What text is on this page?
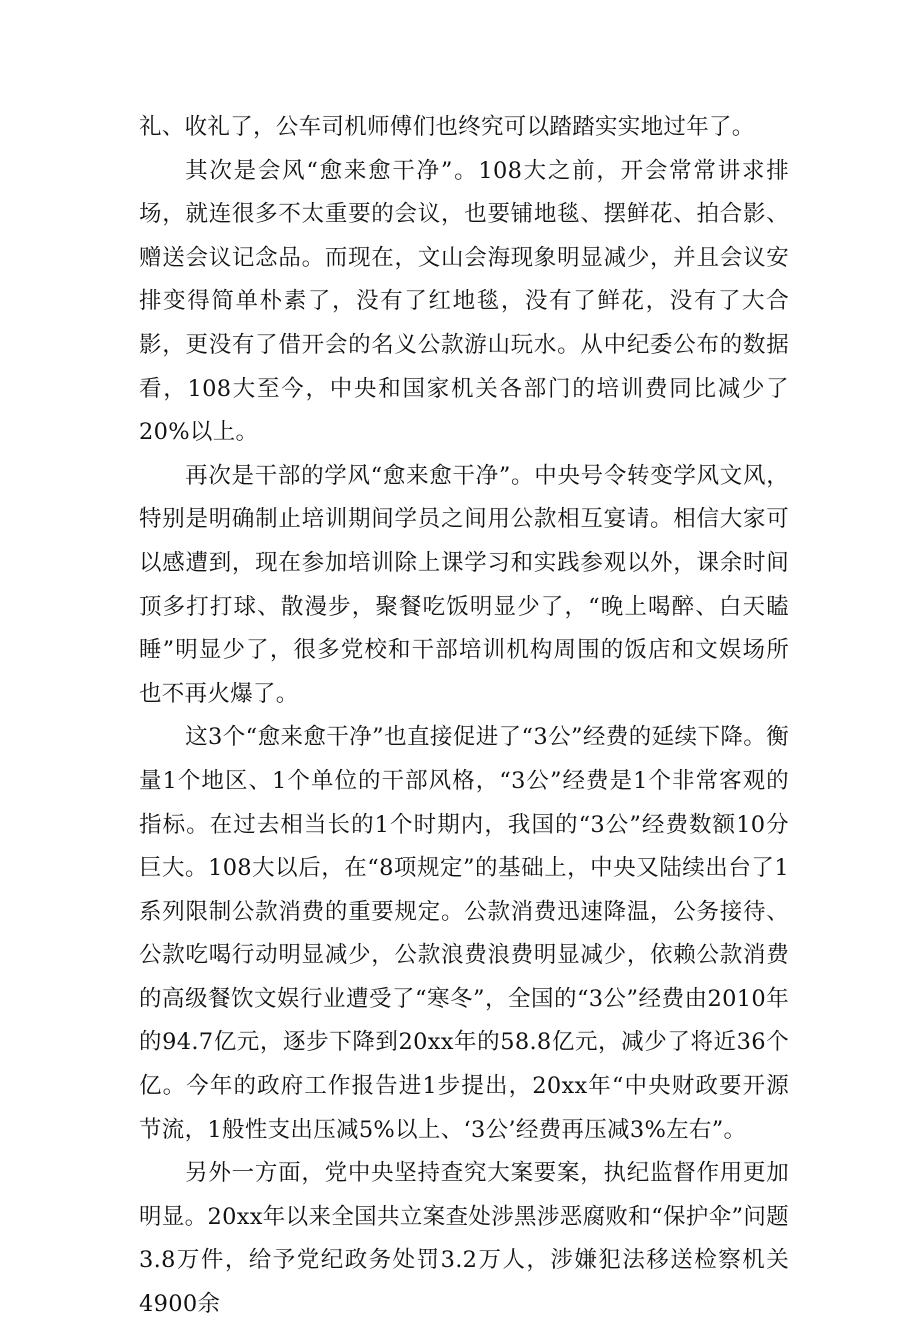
礼、收礼了，公车司机师傅们也终究可以踏踏实实地过年了。

其次是会风“愈来愈干净”。108大之前，开会常常讲求排场，就连很多不太重要的会议，也要铺地毯、摆鲜花、拍合影、赠送会议记念品。而现在，文山会海现象明显减少，并且会议安排变得简单朴素了，没有了红地毯，没有了鲜花，没有了大合影，更没有了借开会的名义公款游山玩水。从中纪委公布的数据看，108大至今，中央和国家机关各部门的培训费同比减少了20%以上。

再次是干部的学风“愈来愈干净”。中央号令转变学风文风，特别是明确制止培训期间学员之间用公款相互宴请。相信大家可以感遭到，现在参加培训除上课学习和实践参观以外，课余时间顶多打打球、散漫步，聚餐吃饭明显少了，“晚上喝醉、白天瞌睡”明显少了，很多党校和干部培训机构周围的饭店和文娱场所也不再火爆了。

这3个“愈来愈干净”也直接促进了“3公”经费的延续下降。衡量1个地区、1个单位的干部风格，“3公”经费是1个非常客观的指标。在过去相当长的1个时期内，我国的“3公”经费数额10分巨大。108大以后，在“8项规定”的基础上，中央又陆续出台了1系列限制公款消费的重要规定。公款消费迅速降温，公务接待、公款吃喝行动明显减少，公款浪费浪费明显减少，依赖公款消费的高级餐饮文娱行业遭受了“寒冬”，全国的“3公”经费由2010年的94.7亿元，逐步下降到20xx年的58.8亿元，减少了将近36个亿。今年的政府工作报告进1步提出，20xx年“中央财政要开源节流，1般性支出压减5%以上、‘3公’经费再压减3%左右”。

另外一方面，党中央坚持查究大案要案，执纪监督作用更加明显。20xx年以来全国共立案查处涉黑涉恶腐败和“保护伞”问题3.8万件，给予党纪政务处罚3.2万人，涉嫌犯法移送检察机关4900余
